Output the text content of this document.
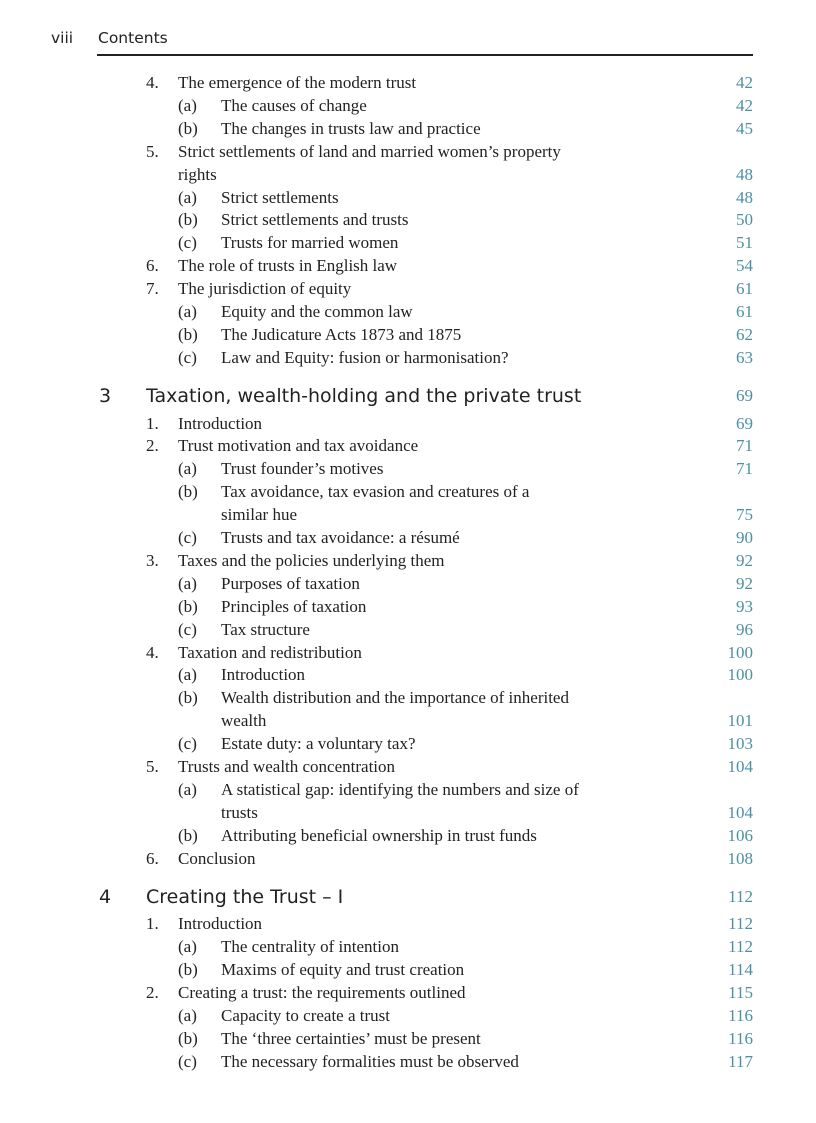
viii Contents
4. The emergence of the modern trust	42
(a) The causes of change	42
(b) The changes in trusts law and practice	45
5. Strict settlements of land and married women’s property
rights	48
(a) Strict settlements	48
(b) Strict settlements and trusts	50
(c) Trusts for married women	51
6. The role of trusts in English law	54
7. The jurisdiction of equity	61
(a) Equity and the common law	61
(b) The Judicature Acts 1873 and 1875	62
(c) Law and Equity: fusion or harmonisation?	63
3 Taxation, wealth-holding and the private trust	69
1. Introduction	69
2. Trust motivation and tax avoidance	71
(a) Trust founder’s motives	71
(b) Tax avoidance, tax evasion and creatures of a
similar hue	75
(c) Trusts and tax avoidance: a résumé	90
3. Taxes and the policies underlying them	92
(a) Purposes of taxation	92
(b) Principles of taxation	93
(c) Tax structure	96
4. Taxation and redistribution	100
(a) Introduction	100
(b) Wealth distribution and the importance of inherited
wealth	101
(c) Estate duty: a voluntary tax?	103
5. Trusts and wealth concentration	104
(a) A statistical gap: identifying the numbers and size of
trusts	104
(b) Attributing beneficial ownership in trust funds	106
6. Conclusion	108
4 Creating the Trust – I	112
1. Introduction	112
(a) The centrality of intention	112
(b) Maxims of equity and trust creation	114
2. Creating a trust: the requirements outlined	115
(a) Capacity to create a trust	116
(b) The ‘three certainties’ must be present	116
(c) The necessary formalities must be observed	117
